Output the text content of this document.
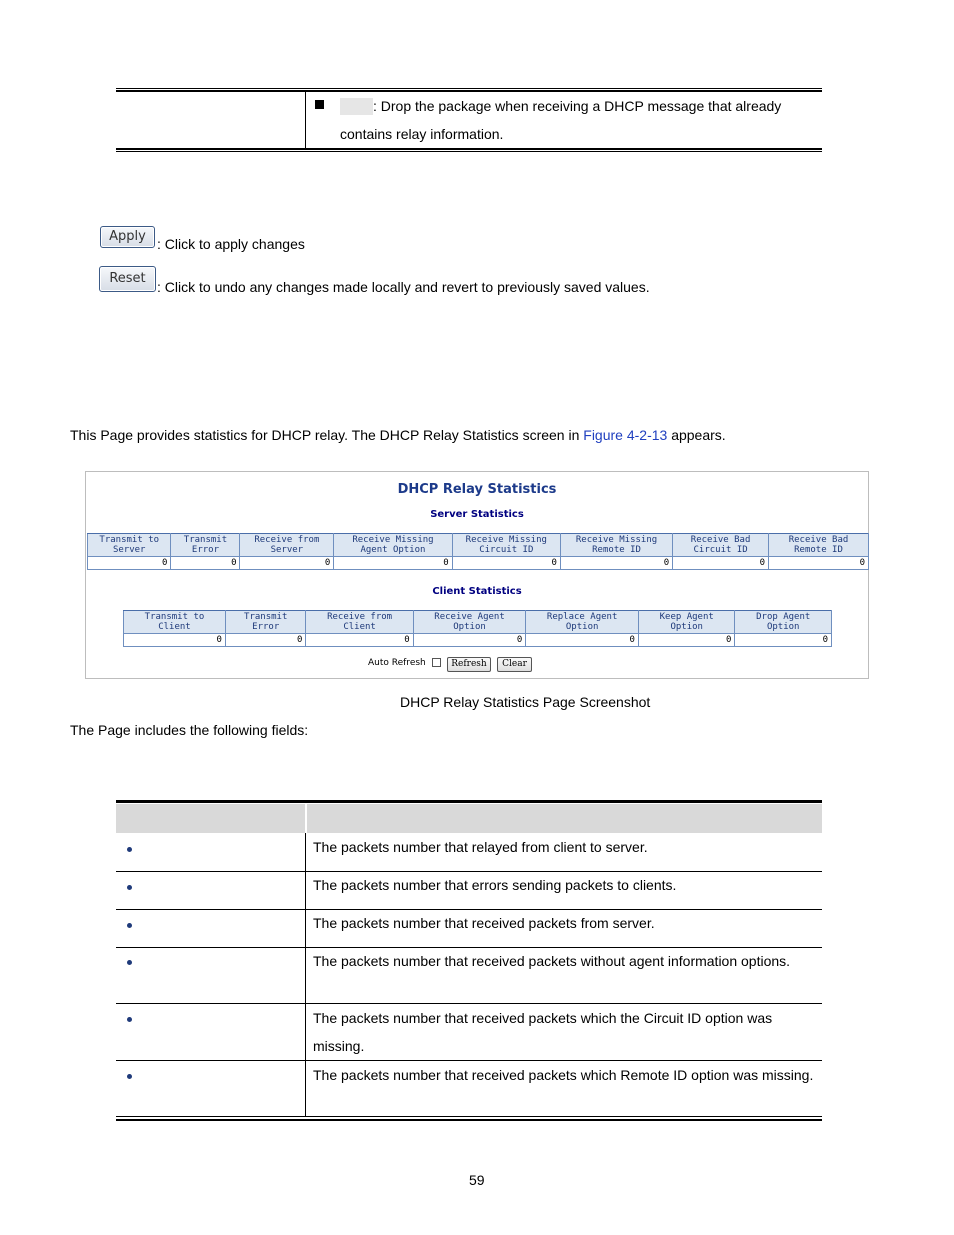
: Drop the package when receiving a DHCP message that already
contains relay information.
Apply : Click to apply changes
Reset
: Click to undo any changes made locally and revert to previously saved values.
This Page provides statistics for DHCP relay. The DHCP Relay Statistics screen in Figure 4-2-13 appears.
DHCP Relay Statistics
Server Statistics
Transmit to Server	Transmit Error	Receive from Server	Receive Missing Agent Option	Receive Missing Circuit ID	Receive Missing Remote ID	Receive Bad Circuit ID	Receive Bad Remote ID
0	0	0	0	0	0	0	0
Client Statistics
Transmit to Client	Transmit Error	Receive from Client	Receive Agent Option	Replace Agent Option	Keep Agent Option	Drop Agent Option
0	0	0	0	0	0	0
Auto Refresh	Refresh	Clear
DHCP Relay Statistics Page Screenshot
The Page includes the following fields:
The packets number that relayed from client to server.
The packets number that errors sending packets to clients.
The packets number that received packets from server.
The packets number that received packets without agent information options.
The packets number that received packets which the Circuit ID option was
missing.
The packets number that received packets which Remote ID option was missing.
59
